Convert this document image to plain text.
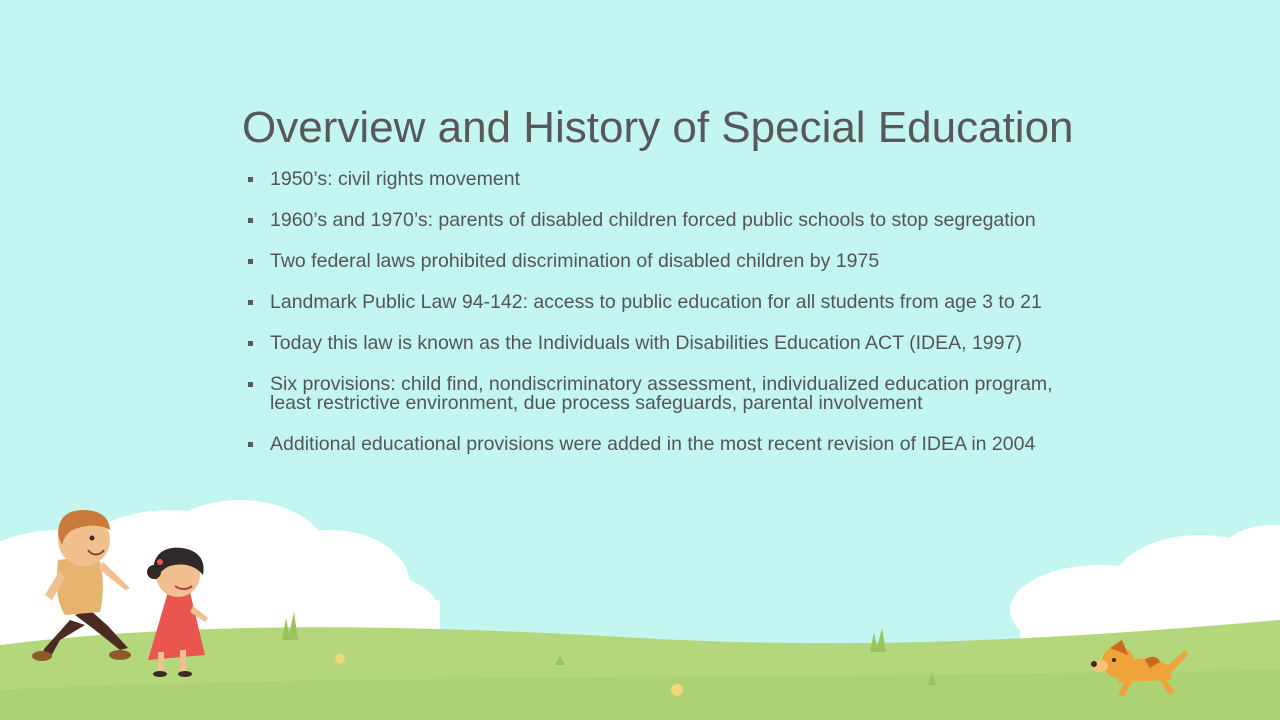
Overview and History of Special Education
1950’s: civil rights movement
1960’s and 1970’s: parents of disabled children forced public schools to stop segregation
Two federal laws prohibited discrimination of disabled children by 1975
Landmark Public Law 94-142: access to public education for all students from age 3 to 21
Today this law is known as the Individuals with Disabilities Education ACT (IDEA, 1997)
Six provisions: child find, nondiscriminatory assessment, individualized education program, least restrictive environment, due process safeguards, parental involvement
Additional educational provisions were added in the most recent revision of IDEA in 2004
